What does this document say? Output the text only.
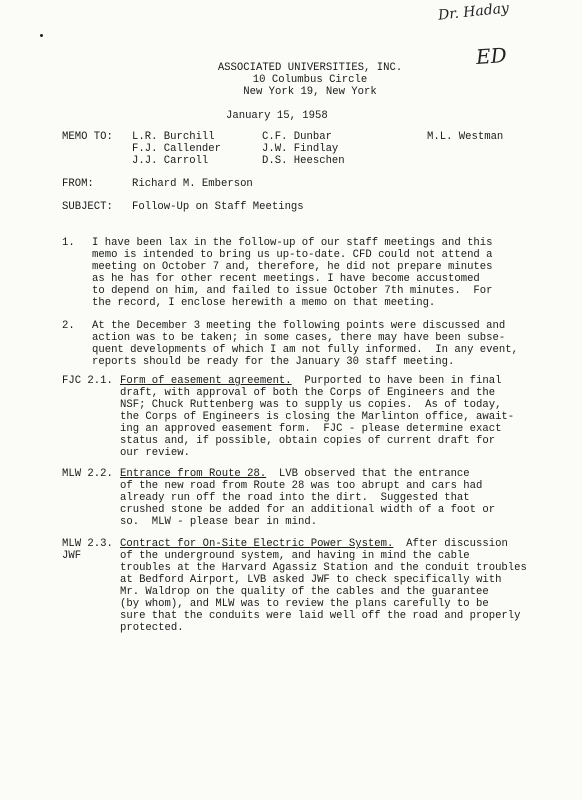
Dr. Haday
ED
ASSOCIATED UNIVERSITIES, INC.
10 Columbus Circle
New York 19, New York
January 15, 1958
MEMO TO: L.R. Burchill	C.F. Dunbar	M.L. Westman
F.J. Callender	J.W. Findlay
J.J. Carroll	D.S. Heeschen
FROM:	Richard M. Emberson
SUBJECT: Follow-Up on Staff Meetings
1. I have been lax in the follow-up of our staff meetings and this
memo is intended to bring us up-to-date. CFD could not attend a
meeting on October 7 and, therefore, he did not prepare minutes
as he has for other recent meetings. I have become accustomed
to depend on him, and failed to issue October 7th minutes.  For
the record, I enclose herewith a memo on that meeting.
2. At the December 3 meeting the following points were discussed and
action was to be taken; in some cases, there may have been subse-
quent developments of which I am not fully informed.  In any event,
reports should be ready for the January 30 staff meeting.
FJC 2.1. Form of easement agreement.  Purported to have been in final
draft, with approval of both the Corps of Engineers and the
NSF; Chuck Ruttenberg was to supply us copies.  As of today,
the Corps of Engineers is closing the Marlinton office, await-
ing an approved easement form.  FJC - please determine exact
status and, if possible, obtain copies of current draft for
our review.
MLW 2.2. Entrance from Route 28.  LVB observed that the entrance
of the new road from Route 28 was too abrupt and cars had
already run off the road into the dirt.  Suggested that
crushed stone be added for an additional width of a foot or
so.  MLW - please bear in mind.
MLW 2.3.
JWF
Contract for On-Site Electric Power System.  After discussion
of the underground system, and having in mind the cable
troubles at the Harvard Agassiz Station and the conduit troubles
at Bedford Airport, LVB asked JWF to check specifically with
Mr. Waldrop on the quality of the cables and the guarantee
(by whom), and MLW was to review the plans carefully to be
sure that the conduits were laid well off the road and properly
protected.
